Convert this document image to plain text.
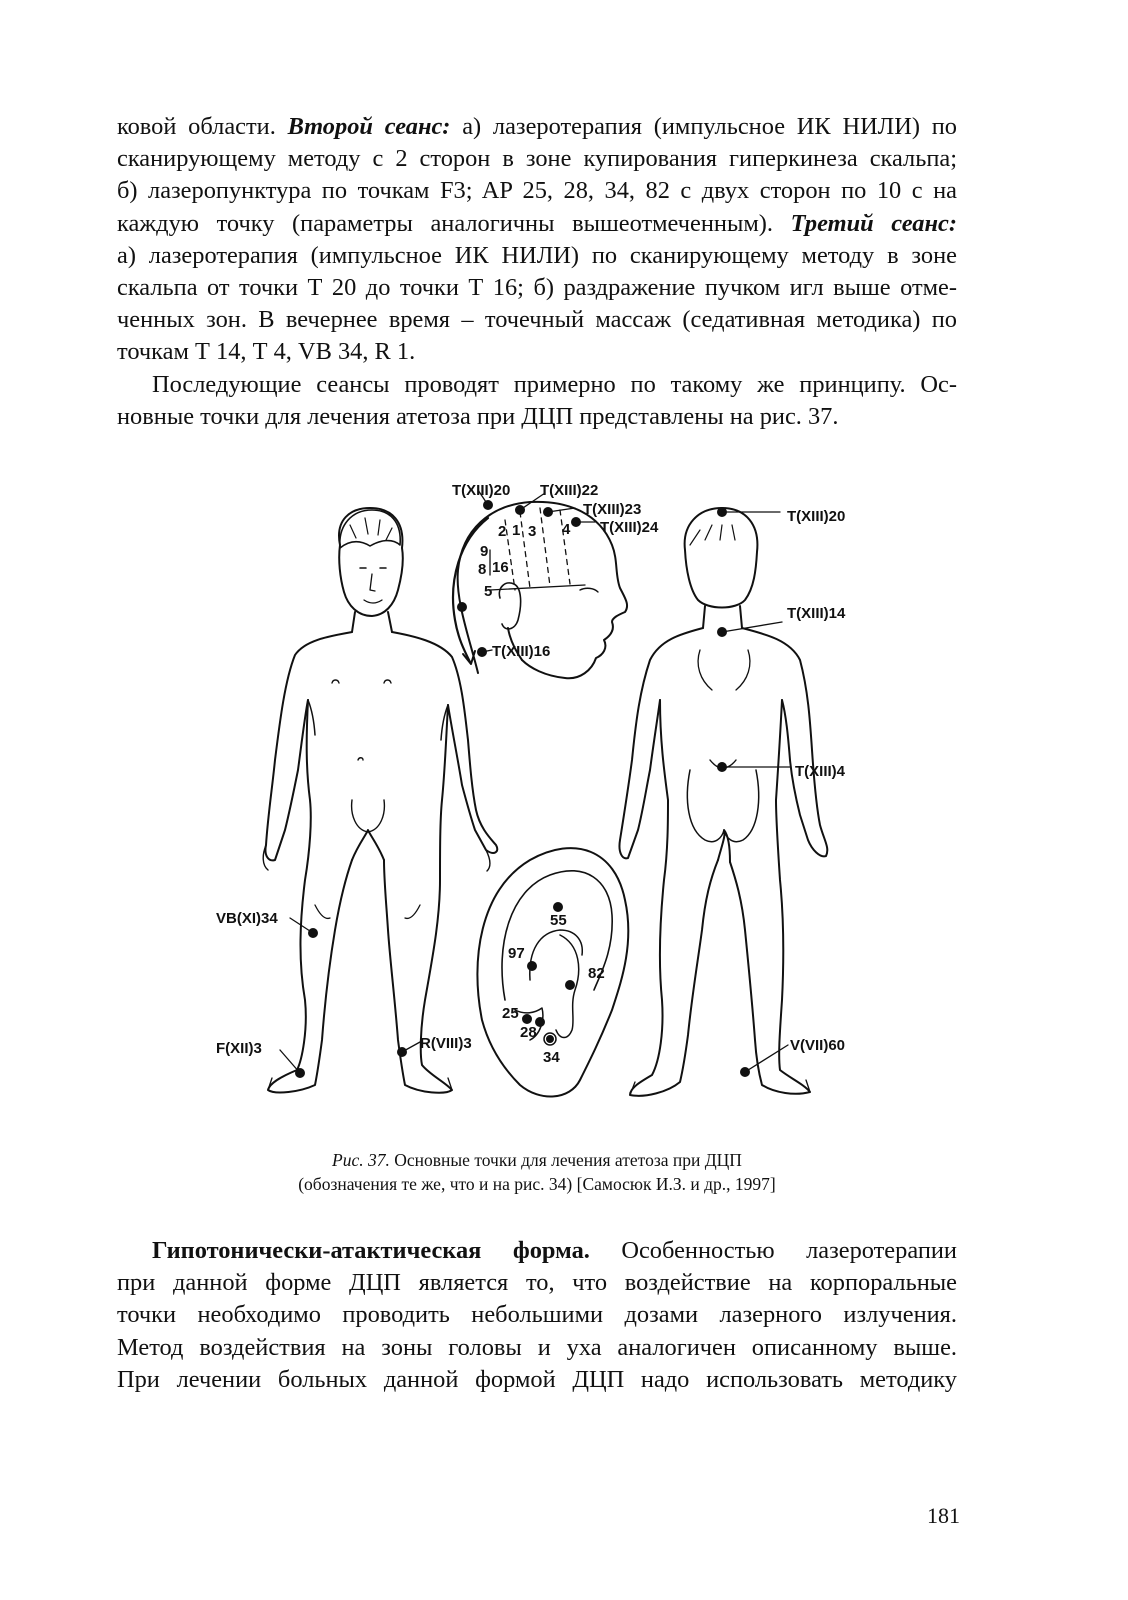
ковой области. Второй сеанс: а) лазеротерапия (импульсное ИК НИЛИ) по
сканирующему методу с 2 сторон в зоне купирования гиперкинеза скальпа;
б) лазеропунктура по точкам F3; AP 25, 28, 34, 82 с двух сторон по 10 с на
каждую точку (параметры аналогичны вышеотмеченным). Третий сеанс:
а) лазеротерапия (импульсное ИК НИЛИ) по сканирующему методу в зоне
скальпа от точки Т 20 до точки Т 16; б) раздражение пучком игл выше отме-
ченных зон. В вечернее время – точечный массаж (седативная методика) по
точкам Т 14, Т 4, VB 34, R 1.

Последующие сеансы проводят примерно по такому же принципу. Ос-
новные точки для лечения атетоза при ДЦП представлены на рис. 37.

T(XIII)20 T(XIII)22
T(XIII)23
T(XIII)24
T(XIII)16
T(XIII)20
T(XIII)14
T(XIII)4
VB(XI)34
F(XII)3	R(VIII)3	V(VII)60
55
97
82
25
28
34
1
2 3 4
5
8
9
16
Рис. 37. Основные точки для лечения атетоза при ДЦП
(обозначения те же, что и на рис. 34) [Самосюк И.З. и др., 1997]

Гипотонически-атактическая форма. Особенностью лазеротерапии
при данной форме ДЦП является то, что воздействие на корпоральные
точки необходимо проводить небольшими дозами лазерного излучения.
Метод воздействия на зоны головы и уха аналогичен описанному выше.
При лечении больных данной формой ДЦП надо использовать методику

181
